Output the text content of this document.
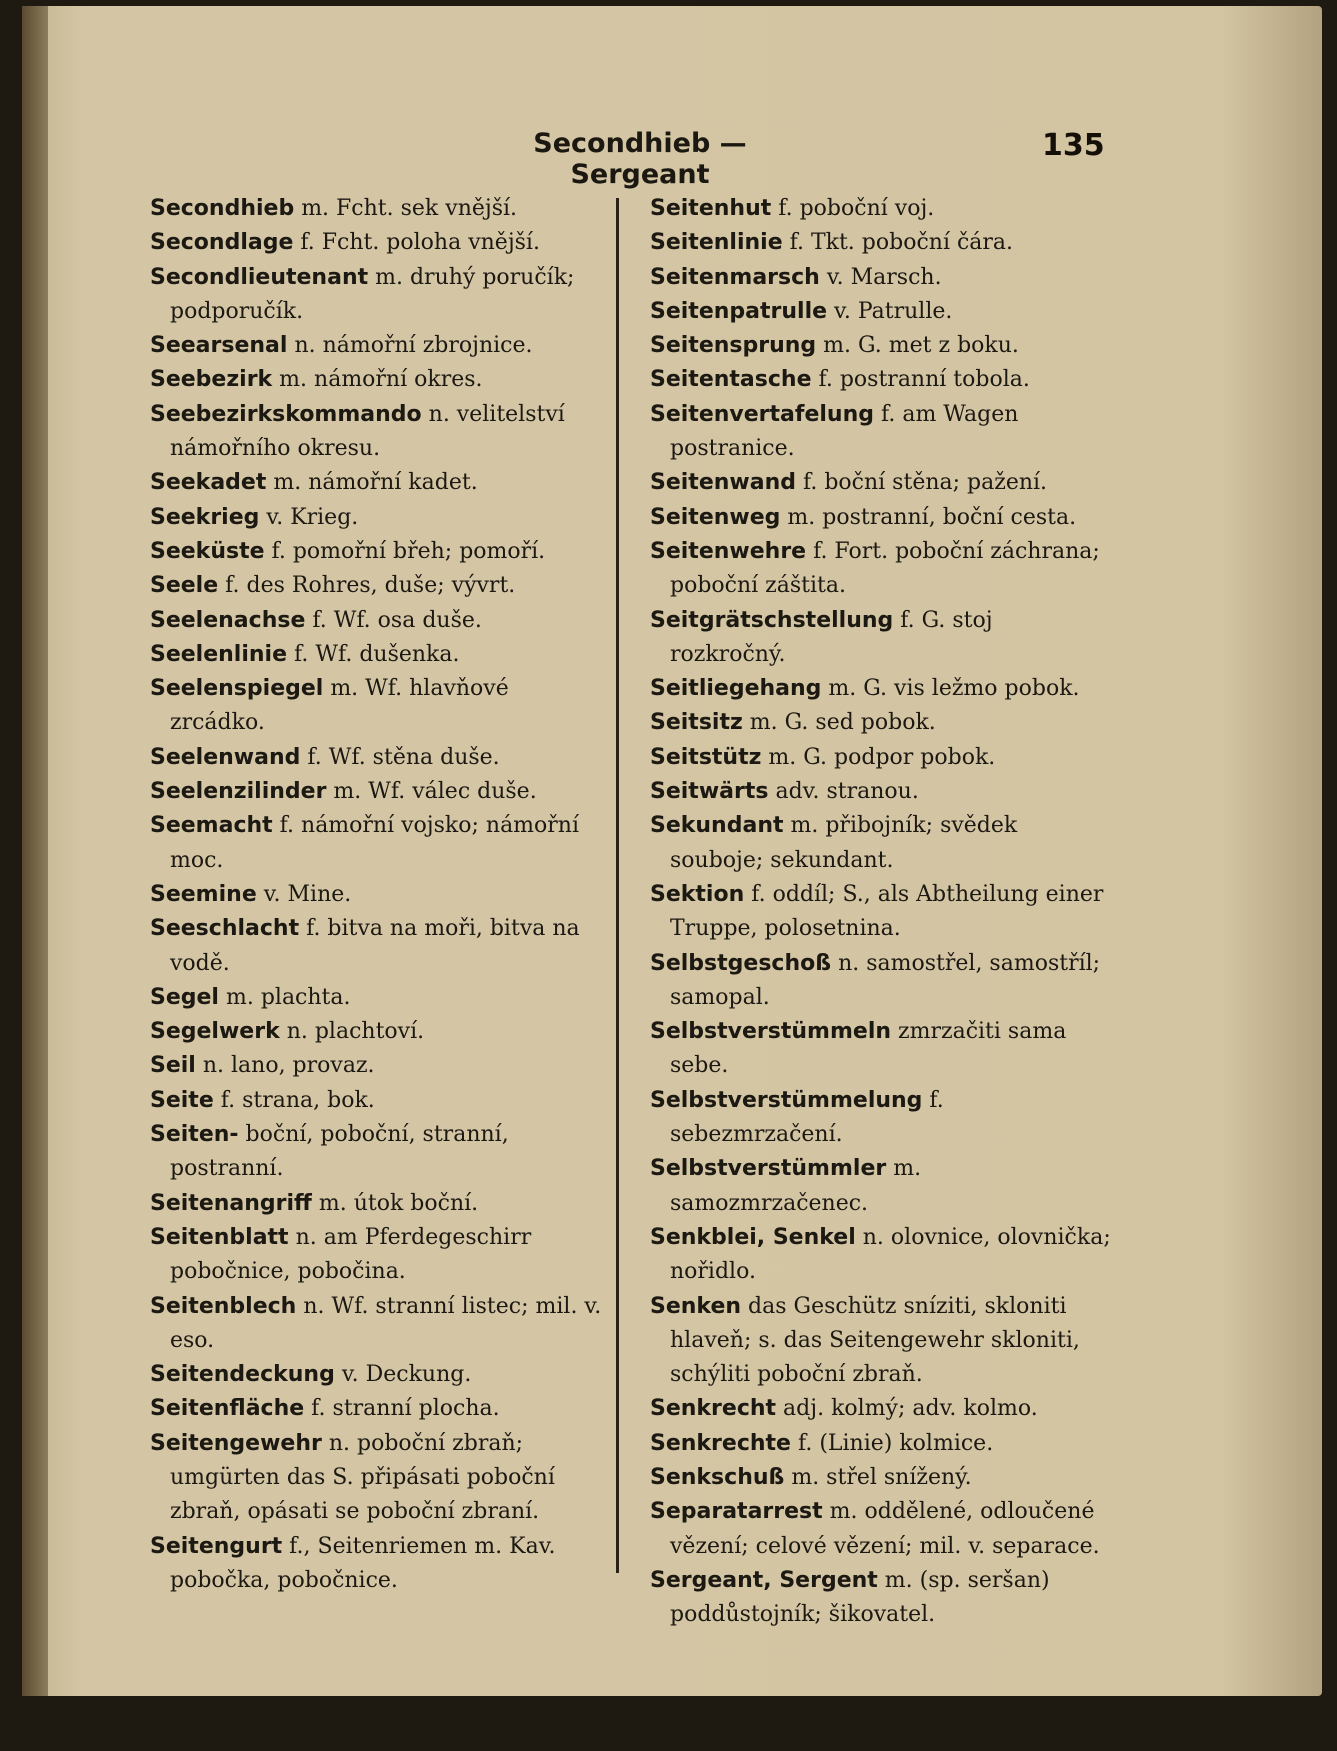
Secondhieb — Sergeant
135

Secondhieb m. Fcht. sek vnější.

Secondlage f. Fcht. poloha vnější.

Secondlieutenant m. druhý poručík; podporučík.

Seearsenal n. námořní zbrojnice.

Seebezirk m. námořní okres.

Seebezirkskommando n. velitelství námořního okresu.

Seekadet m. námořní kadet.

Seekrieg v. Krieg.

Seeküste f. pomořní břeh; pomoří.

Seele f. des Rohres, duše; vývrt.

Seelenachse f. Wf. osa duše.

Seelenlinie f. Wf. dušenka.

Seelenspiegel m. Wf. hlavňové zrcádko.

Seelenwand f. Wf. stěna duše.

Seelenzilinder m. Wf. válec duše.

Seemacht f. námořní vojsko; námořní moc.

Seemine v. Mine.

Seeschlacht f. bitva na moři, bitva na vodě.

Segel m. plachta.

Segelwerk n. plachtoví.

Seil n. lano, provaz.

Seite f. strana, bok.

Seiten- boční, poboční, stranní, postranní.

Seitenangriff m. útok boční.

Seitenblatt n. am Pferdegeschirr pobočnice, pobočina.

Seitenblech n. Wf. stranní listec; mil. v. eso.

Seitendeckung v. Deckung.

Seitenfläche f. stranní plocha.

Seitengewehr n. poboční zbraň; umgürten das S. připásati poboční zbraň, opásati se poboční zbraní.

Seitengurt f., Seitenriemen m. Kav. pobočka, pobočnice.

Seitenhut f. poboční voj.

Seitenlinie f. Tkt. poboční čára.

Seitenmarsch v. Marsch.

Seitenpatrulle v. Patrulle.

Seitensprung m. G. met z boku.

Seitentasche f. postranní tobola.

Seitenvertafelung f. am Wagen postranice.

Seitenwand f. boční stěna; pažení.

Seitenweg m. postranní, boční cesta.

Seitenwehre f. Fort. poboční záchrana; poboční záštita.

Seitgrätschstellung f. G. stoj rozkročný.

Seitliegehang m. G. vis ležmo pobok.

Seitsitz m. G. sed pobok.

Seitstütz m. G. podpor pobok.

Seitwärts adv. stranou.

Sekundant m. přibojník; svědek souboje; sekundant.

Sektion f. oddíl; S., als Abtheilung einer Truppe, polosetnina.

Selbstgeschoß n. samostřel, samostříl; samopal.

Selbstverstümmeln zmrzačiti sama sebe.

Selbstverstümmelung f. sebezmrzačení.

Selbstverstümmler m. samozmrzačenec.

Senkblei, Senkel n. olovnice, olovnička; nořidlo.

Senken das Geschütz sníziti, skloniti hlaveň; s. das Seitengewehr skloniti, schýliti poboční zbraň.

Senkrecht adj. kolmý; adv. kolmo.

Senkrechte f. (Linie) kolmice.

Senkschuß m. střel snížený.

Separatarrest m. oddělené, odloučené vězení; celové vězení; mil. v. separace.

Sergeant, Sergent m. (sp. seršan) poddůstojník; šikovatel.
